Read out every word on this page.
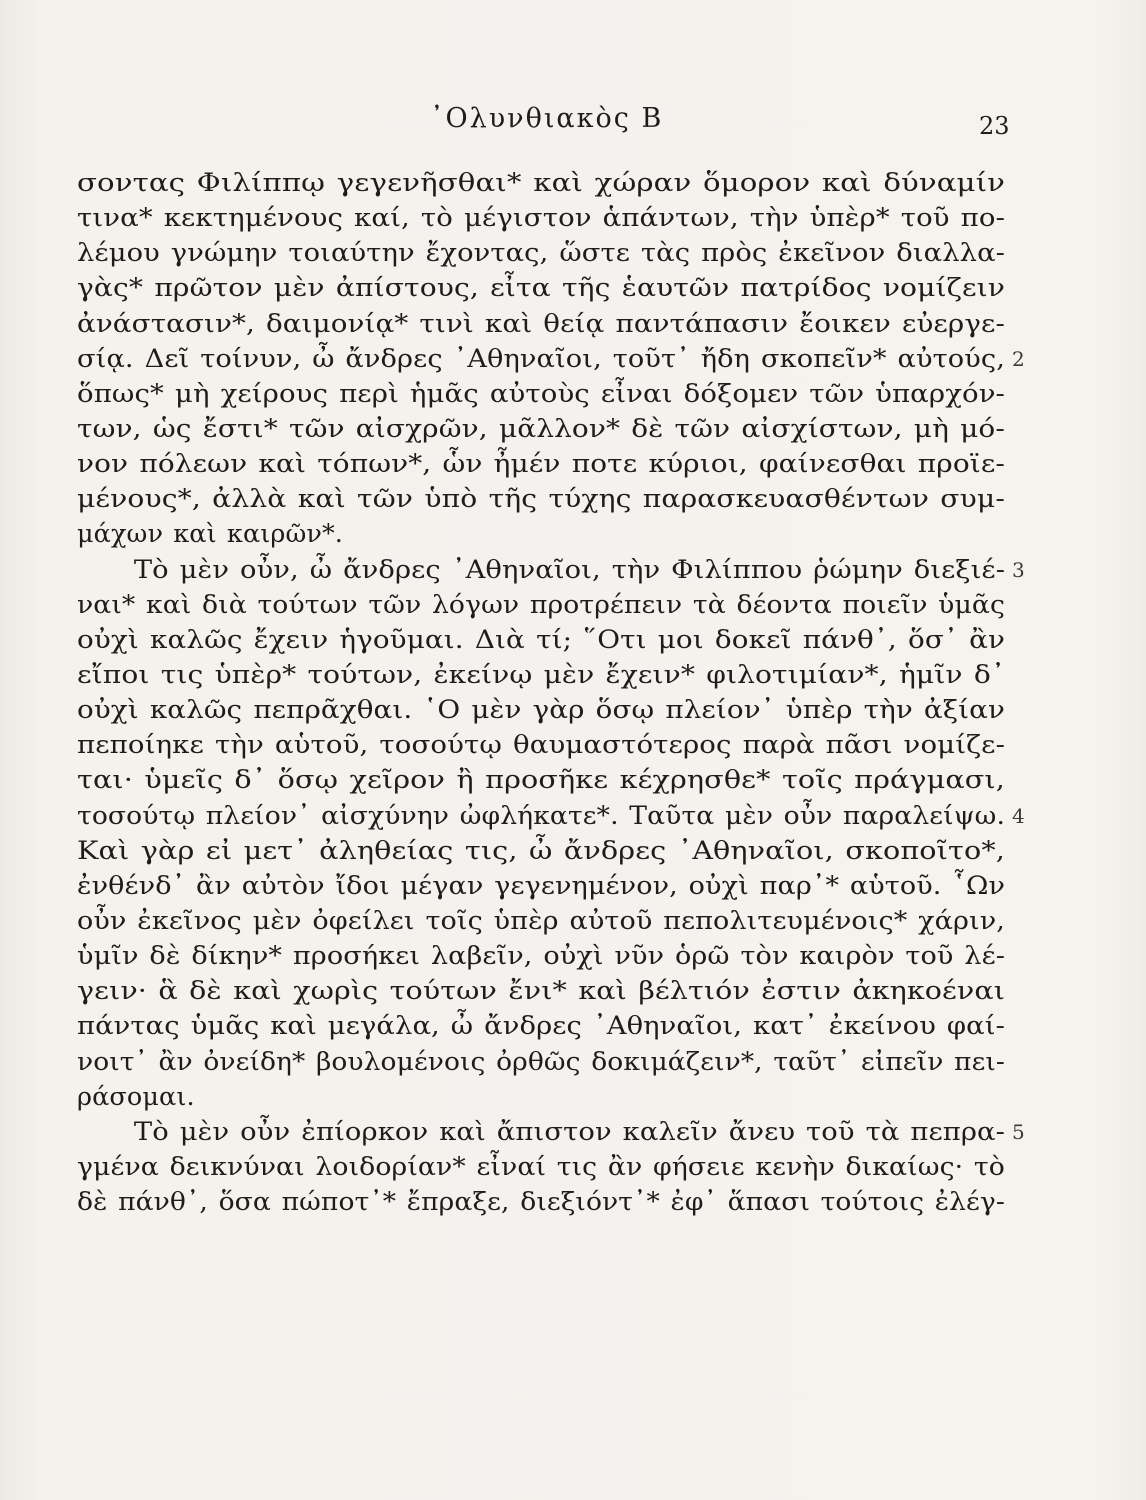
᾿Ολυνθιακὸς Β	23
σοντας Φιλίππῳ γεγενῆσθαι* καὶ χώραν ὅμορον καὶ δύναμίν
τινα* κεκτημένους καί, τὸ μέγιστον ἁπάντων, τὴν ὑπὲρ* τοῦ πο-
λέμου γνώμην τοιαύτην ἔχοντας, ὥστε τὰς πρὸς ἐκεῖνον διαλλα-
γὰς* πρῶτον μὲν ἀπίστους, εἶτα τῆς ἑαυτῶν πατρίδος νομίζειν
ἀνάστασιν*, δαιμονίᾳ* τινὶ καὶ θείᾳ παντάπασιν ἔοικεν εὐεργε-
σίᾳ. Δεῖ τοίνυν, ὦ ἄνδρες ᾿Αθηναῖοι, τοῦτ᾿ ἤδη σκοπεῖν* αὐτούς, 2
ὅπως* μὴ χείρους περὶ ἡμᾶς αὐτοὺς εἶναι δόξομεν τῶν ὑπαρχόν-
των, ὡς ἔστι* τῶν αἰσχρῶν, μᾶλλον* δὲ τῶν αἰσχίστων, μὴ μό-
νον πόλεων καὶ τόπων*, ὧν ἦμέν ποτε κύριοι, φαίνεσθαι προϊε-
μένους*, ἀλλὰ καὶ τῶν ὑπὸ τῆς τύχης παρασκευασθέντων συμ-
μάχων καὶ καιρῶν*.
Τὸ μὲν οὖν, ὦ ἄνδρες ᾿Αθηναῖοι, τὴν Φιλίππου ῥώμην διεξιέ- 3
ναι* καὶ διὰ τούτων τῶν λόγων προτρέπειν τὰ δέοντα ποιεῖν ὑμᾶς
οὐχὶ καλῶς ἔχειν ἡγοῦμαι. Διὰ τί; ῞Οτι μοι δοκεῖ πάνθ᾿, ὅσ᾿ ἂν
εἴποι τις ὑπὲρ* τούτων, ἐκείνῳ μὲν ἔχειν* φιλοτιμίαν*, ἡμῖν δ᾿
οὐχὶ καλῶς πεπρᾶχθαι. ῾Ο μὲν γὰρ ὅσῳ πλείον᾿ ὑπὲρ τὴν ἀξίαν
πεποίηκε τὴν αὑτοῦ, τοσούτῳ θαυμαστότερος παρὰ πᾶσι νομίζε-
ται· ὑμεῖς δ᾿ ὅσῳ χεῖρον ἢ προσῆκε κέχρησθε* τοῖς πράγμασι,
τοσούτῳ πλείον᾿ αἰσχύνην ὠφλήκατε*. Ταῦτα μὲν οὖν παραλείψω. 4
Καὶ γὰρ εἰ μετ᾿ ἀληθείας τις, ὦ ἄνδρες ᾿Αθηναῖοι, σκοποῖτο*,
ἐνθένδ᾿ ἂν αὐτὸν ἴδοι μέγαν γεγενημένον, οὐχὶ παρ᾿* αὑτοῦ. ῟Ων
οὖν ἐκεῖνος μὲν ὀφείλει τοῖς ὑπὲρ αὐτοῦ πεπολιτευμένοις* χάριν,
ὑμῖν δὲ δίκην* προσήκει λαβεῖν, οὐχὶ νῦν ὁρῶ τὸν καιρὸν τοῦ λέ-
γειν· ἃ δὲ καὶ χωρὶς τούτων ἔνι* καὶ βέλτιόν ἐστιν ἀκηκοέναι
πάντας ὑμᾶς καὶ μεγάλα, ὦ ἄνδρες ᾿Αθηναῖοι, κατ᾿ ἐκείνου φαί-
νοιτ᾿ ἂν ὀνείδη* βουλομένοις ὀρθῶς δοκιμάζειν*, ταῦτ᾿ εἰπεῖν πει-
ράσομαι.
Τὸ μὲν οὖν ἐπίορκον καὶ ἄπιστον καλεῖν ἄνευ τοῦ τὰ πεπρα- 5
γμένα δεικνύναι λοιδορίαν* εἶναί τις ἂν φήσειε κενὴν δικαίως· τὸ
δὲ πάνθ᾿, ὅσα πώποτ᾿* ἔπραξε, διεξιόντ᾿* ἐφ᾿ ἅπασι τούτοις ἐλέγ-
